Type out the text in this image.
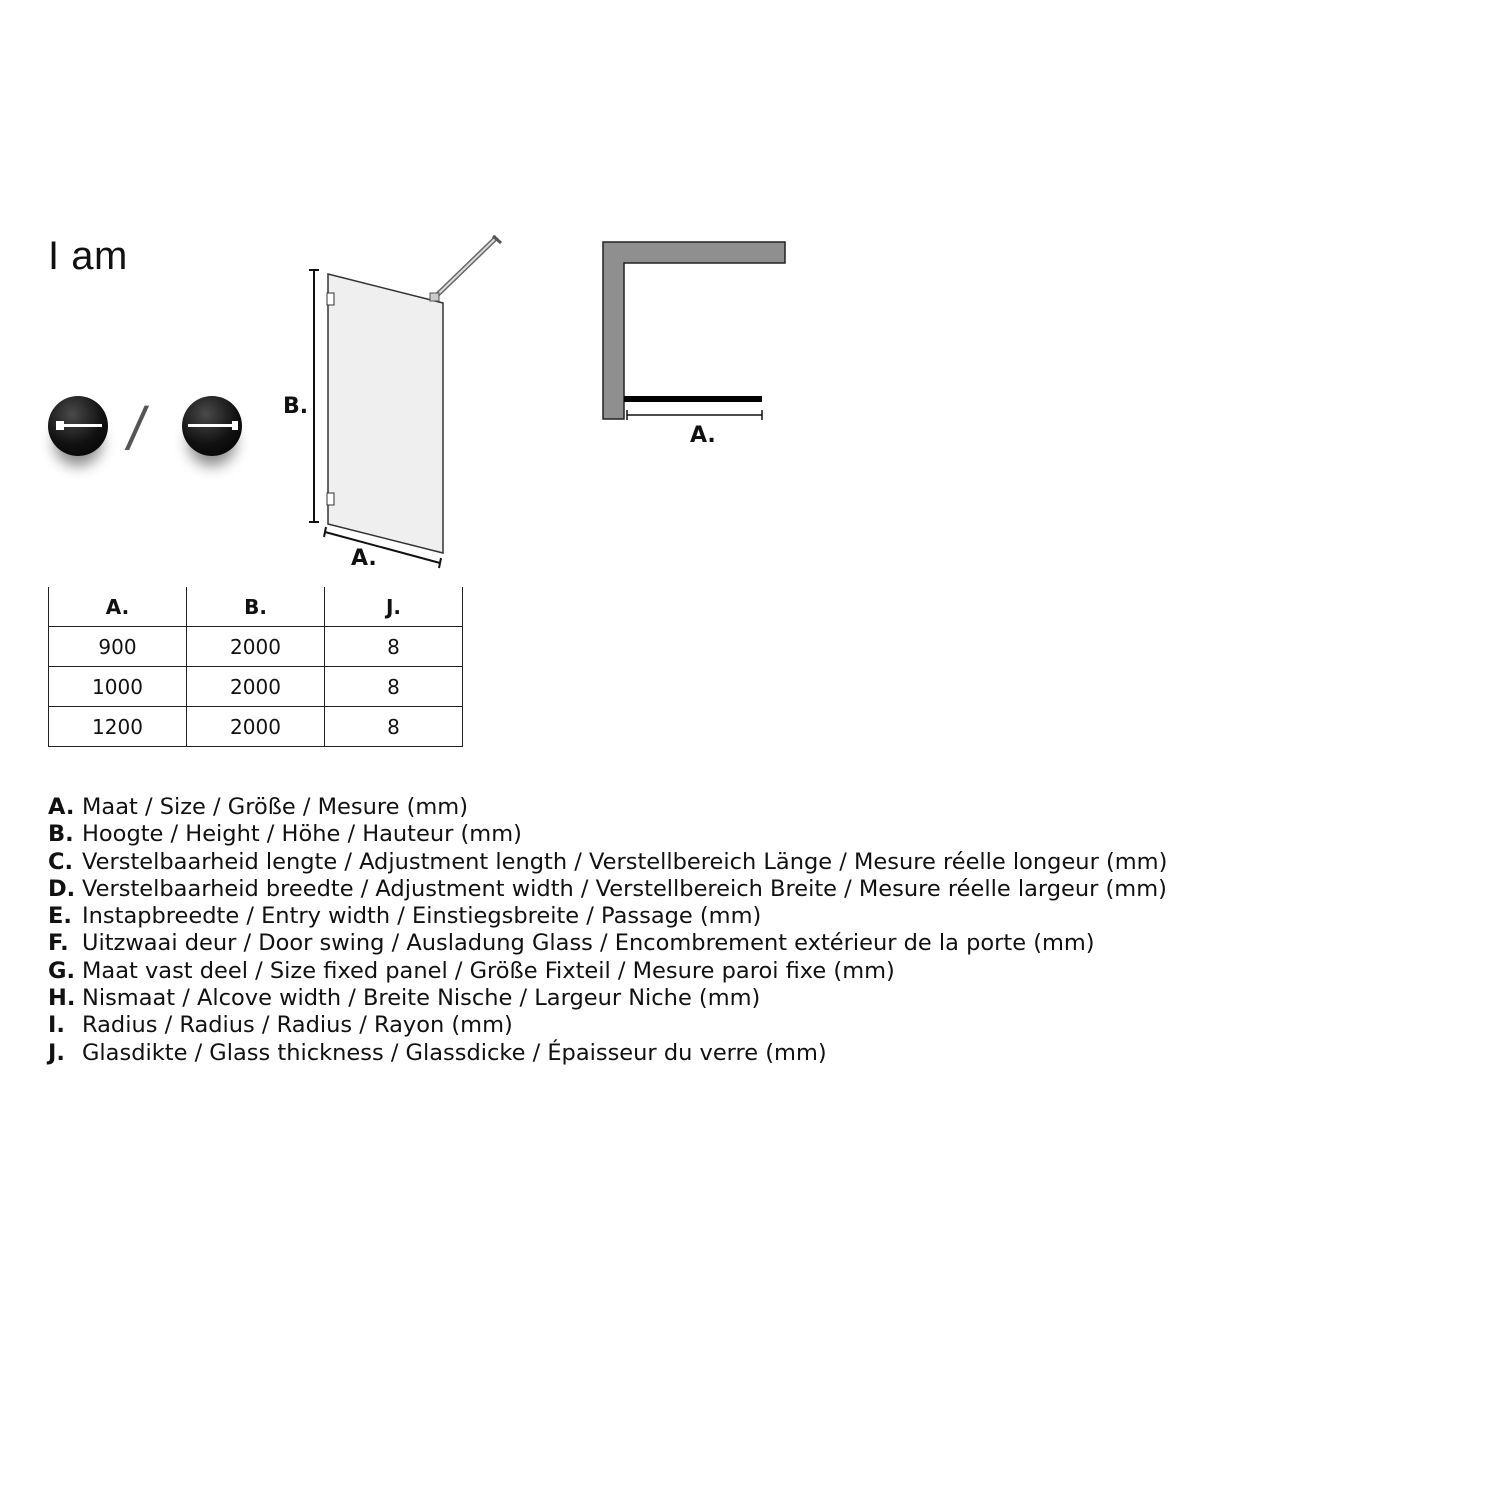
I am
/	B.
A.
A.
A.	B.	J.
900	2000	8
1000	2000	8
1200	2000	8
A. Maat / Size / Größe / Mesure (mm)
B. Hoogte / Height / Höhe / Hauteur (mm)
C. Verstelbaarheid lengte / Adjustment length / Verstellbereich Länge / Mesure réelle longeur (mm)
D. Verstelbaarheid breedte / Adjustment width / Verstellbereich Breite / Mesure réelle largeur (mm)
E. Instapbreedte / Entry width / Einstiegsbreite / Passage (mm)
F. Uitzwaai deur / Door swing / Ausladung Glass / Encombrement extérieur de la porte (mm)
G. Maat vast deel / Size fixed panel / Größe Fixteil / Mesure paroi fixe (mm)
H. Nismaat / Alcove width / Breite Nische / Largeur Niche (mm)
I. Radius / Radius / Radius / Rayon (mm)
J. Glasdikte / Glass thickness / Glassdicke / Épaisseur du verre (mm)
